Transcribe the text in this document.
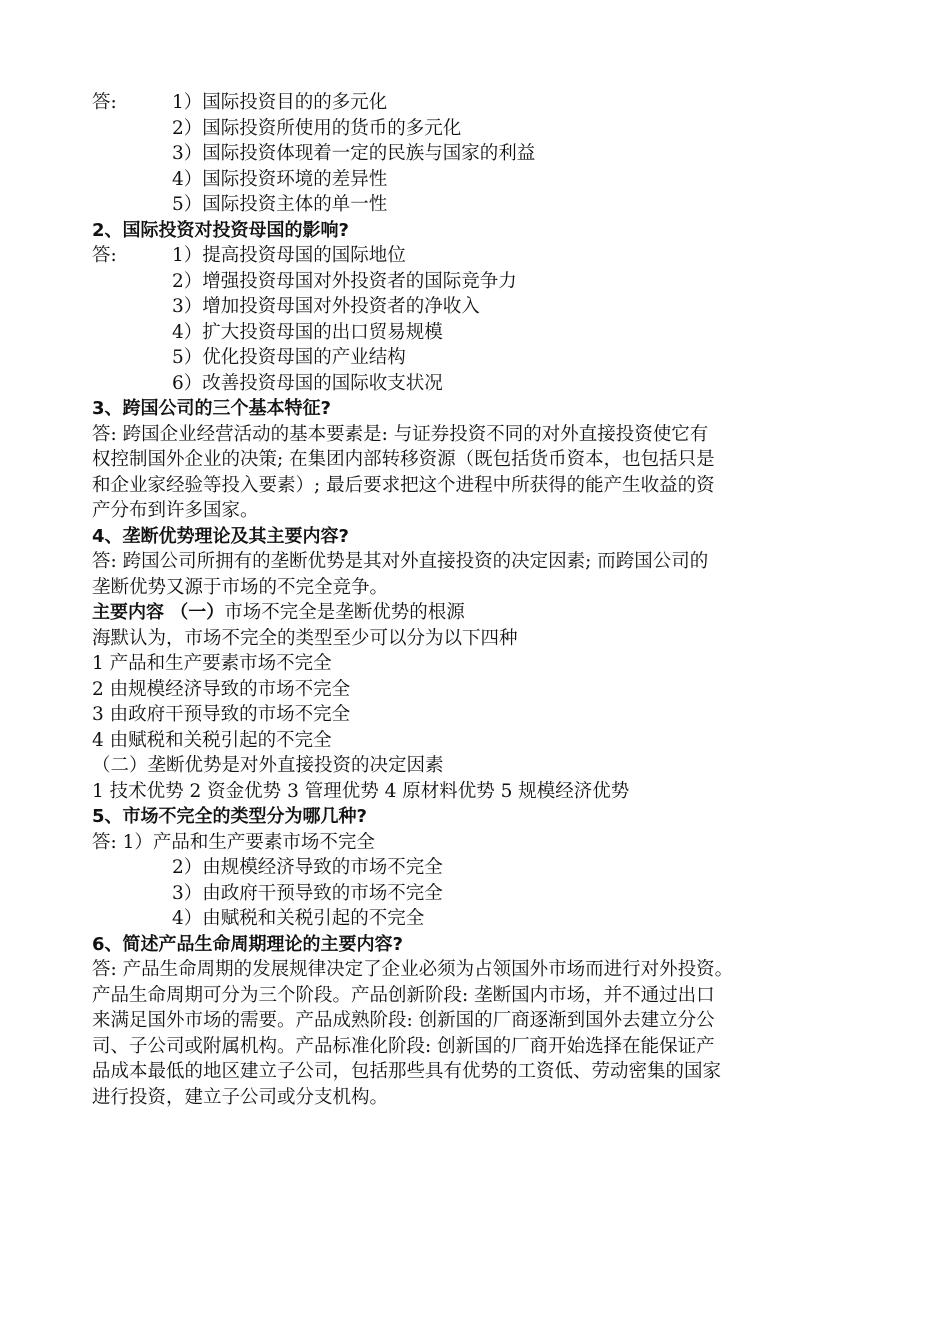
答:	1）国际投资目的的多元化
2）国际投资所使用的货币的多元化
3）国际投资体现着一定的民族与国家的利益
4）国际投资环境的差异性
5）国际投资主体的单一性
2、国际投资对投资母国的影响?
答:	1）提高投资母国的国际地位
2）增强投资母国对外投资者的国际竞争力
3）增加投资母国对外投资者的净收入
4）扩大投资母国的出口贸易规模
5）优化投资母国的产业结构
6）改善投资母国的国际收支状况
3、跨国公司的三个基本特征?
答: 跨国企业经营活动的基本要素是: 与证券投资不同的对外直接投资使它有
权控制国外企业的决策; 在集团内部转移资源（既包括货币资本，也包括只是
和企业家经验等投入要素）; 最后要求把这个进程中所获得的能产生收益的资
产分布到许多国家。
4、垄断优势理论及其主要内容?
答: 跨国公司所拥有的垄断优势是其对外直接投资的决定因素; 而跨国公司的
垄断优势又源于市场的不完全竞争。
主要内容 （一）市场不完全是垄断优势的根源
海默认为，市场不完全的类型至少可以分为以下四种
1 产品和生产要素市场不完全
2 由规模经济导致的市场不完全
3 由政府干预导致的市场不完全
4 由赋税和关税引起的不完全
（二）垄断优势是对外直接投资的决定因素
1 技术优势 2 资金优势 3 管理优势 4 原材料优势 5 规模经济优势
5、市场不完全的类型分为哪几种?
答: 1）产品和生产要素市场不完全
2）由规模经济导致的市场不完全
3）由政府干预导致的市场不完全
4）由赋税和关税引起的不完全
6、简述产品生命周期理论的主要内容?
答: 产品生命周期的发展规律决定了企业必须为占领国外市场而进行对外投资。
产品生命周期可分为三个阶段。产品创新阶段: 垄断国内市场，并不通过出口
来满足国外市场的需要。产品成熟阶段: 创新国的厂商逐渐到国外去建立分公
司、子公司或附属机构。产品标准化阶段: 创新国的厂商开始选择在能保证产
品成本最低的地区建立子公司，包括那些具有优势的工资低、劳动密集的国家
进行投资，建立子公司或分支机构。
